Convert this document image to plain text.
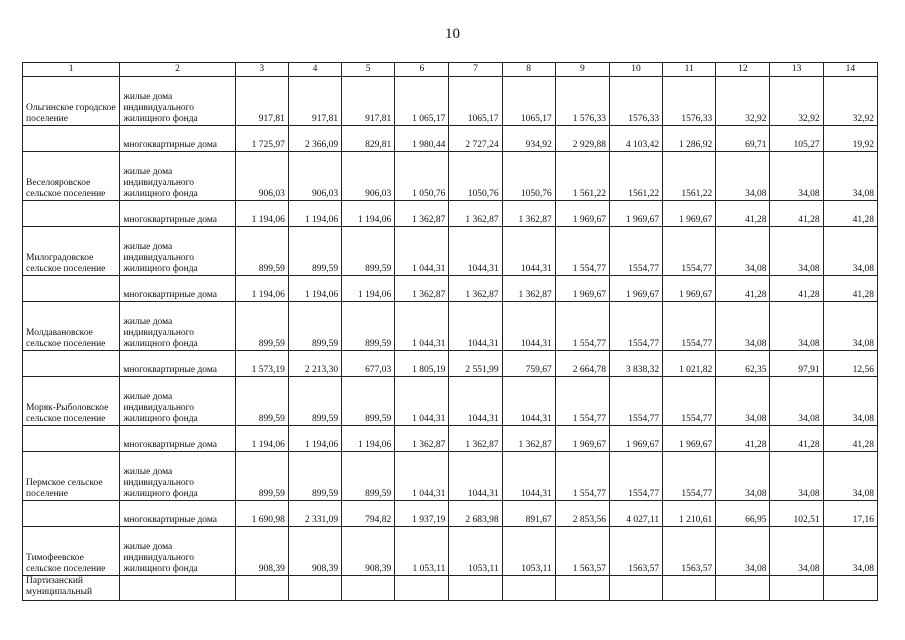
10
1	2	3	4	5	6	7	8	9	10	11	12	13	14
Ольгинское городское поселение	жилые дома индивидуального жилищного фонда	917,81	917,81	917,81	1 065,17	1065,17	1065,17	1 576,33	1576,33	1576,33	32,92	32,92	32,92
	многоквартирные дома	1 725,97	2 366,09	829,81	1 980,44	2 727,24	934,92	2 929,88	4 103,42	1 286,92	69,71	105,27	19,92
Веселояровское сельское поселение	жилые дома индивидуального жилищного фонда	906,03	906,03	906,03	1 050,76	1050,76	1050,76	1 561,22	1561,22	1561,22	34,08	34,08	34,08
	многоквартирные дома	1 194,06	1 194,06	1 194,06	1 362,87	1 362,87	1 362,87	1 969,67	1 969,67	1 969,67	41,28	41,28	41,28
Милоградовское сельское поселение	жилые дома индивидуального жилищного фонда	899,59	899,59	899,59	1 044,31	1044,31	1044,31	1 554,77	1554,77	1554,77	34,08	34,08	34,08
	многоквартирные дома	1 194,06	1 194,06	1 194,06	1 362,87	1 362,87	1 362,87	1 969,67	1 969,67	1 969,67	41,28	41,28	41,28
Молдавановское сельское поселение	жилые дома индивидуального жилищного фонда	899,59	899,59	899,59	1 044,31	1044,31	1044,31	1 554,77	1554,77	1554,77	34,08	34,08	34,08
	многоквартирные дома	1 573,19	2 213,30	677,03	1 805,19	2 551,99	759,67	2 664,78	3 838,32	1 021,82	62,35	97,91	12,56
Моряк-Рыболовское сельское поселение	жилые дома индивидуального жилищного фонда	899,59	899,59	899,59	1 044,31	1044,31	1044,31	1 554,77	1554,77	1554,77	34,08	34,08	34,08
	многоквартирные дома	1 194,06	1 194,06	1 194,06	1 362,87	1 362,87	1 362,87	1 969,67	1 969,67	1 969,67	41,28	41,28	41,28
Пермское сельское поселение	жилые дома индивидуального жилищного фонда	899,59	899,59	899,59	1 044,31	1044,31	1044,31	1 554,77	1554,77	1554,77	34,08	34,08	34,08
	многоквартирные дома	1 690,98	2 331,09	794,82	1 937,19	2 683,98	891,67	2 853,56	4 027,11	1 210,61	66,95	102,51	17,16
Тимофеевское сельское поселение	жилые дома индивидуального жилищного фонда	908,39	908,39	908,39	1 053,11	1053,11	1053,11	1 563,57	1563,57	1563,57	34,08	34,08	34,08
Партизанский муниципальный													
